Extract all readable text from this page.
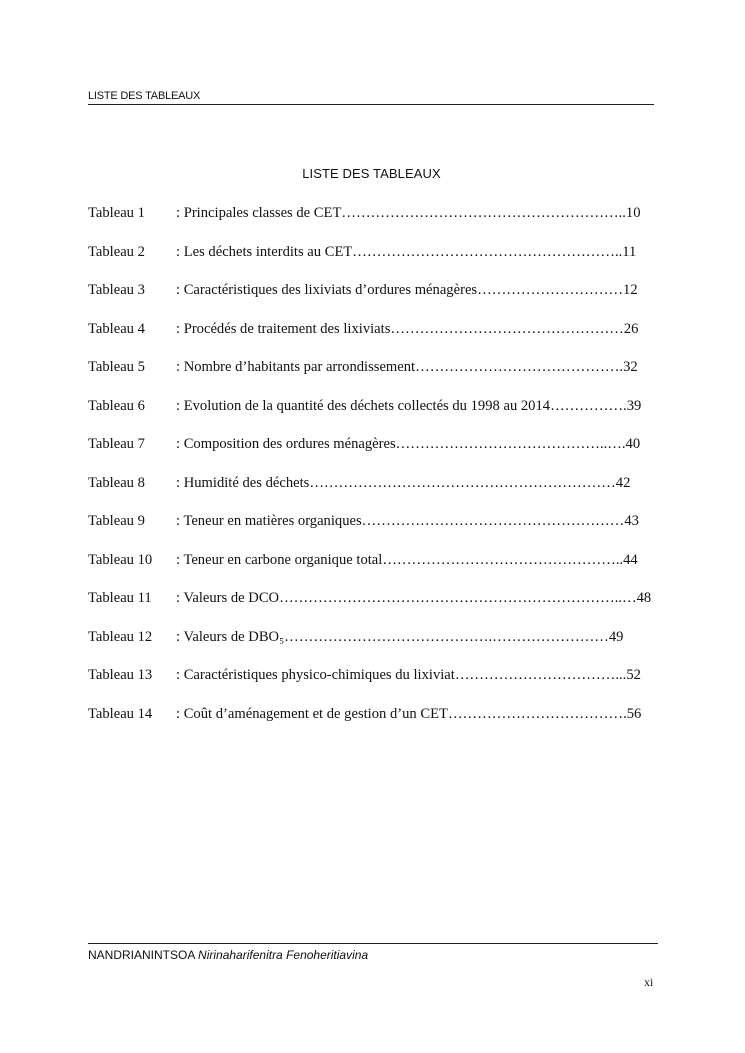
LISTE DES TABLEAUX
LISTE DES TABLEAUX
Tableau 1 : Principales classes de CET…………………………………………………..10
Tableau 2 : Les déchets interdits au CET………………………………………………..11
Tableau 3 : Caractéristiques des lixiviats d’ordures ménagères…………………………12
Tableau 4 : Procédés de traitement des lixiviats…………………………………………26
Tableau 5 : Nombre d’habitants par arrondissement…………………………………….32
Tableau 6 : Evolution de la quantité des déchets collectés du 1998 au 2014…………….39
Tableau 7 : Composition des ordures ménagères……………………………………..….40
Tableau 8 : Humidité des déchets………………………………………………………42
Tableau 9 : Teneur en matières organiques………………………………………………43
Tableau 10 : Teneur en carbone organique total…………………………………………..44
Tableau 11 : Valeurs de DCO……………………………………………………………..…48
Tableau 12 : Valeurs de DBO₅…………………………………….……………………49
Tableau 13 : Caractéristiques physico-chimiques du lixiviat……………………………...52
Tableau 14 : Coût d’aménagement et de gestion d’un CET……………………………….56
NANDRIANINTSOA Nirinaharifenitra Fenoheritiavina
xi
